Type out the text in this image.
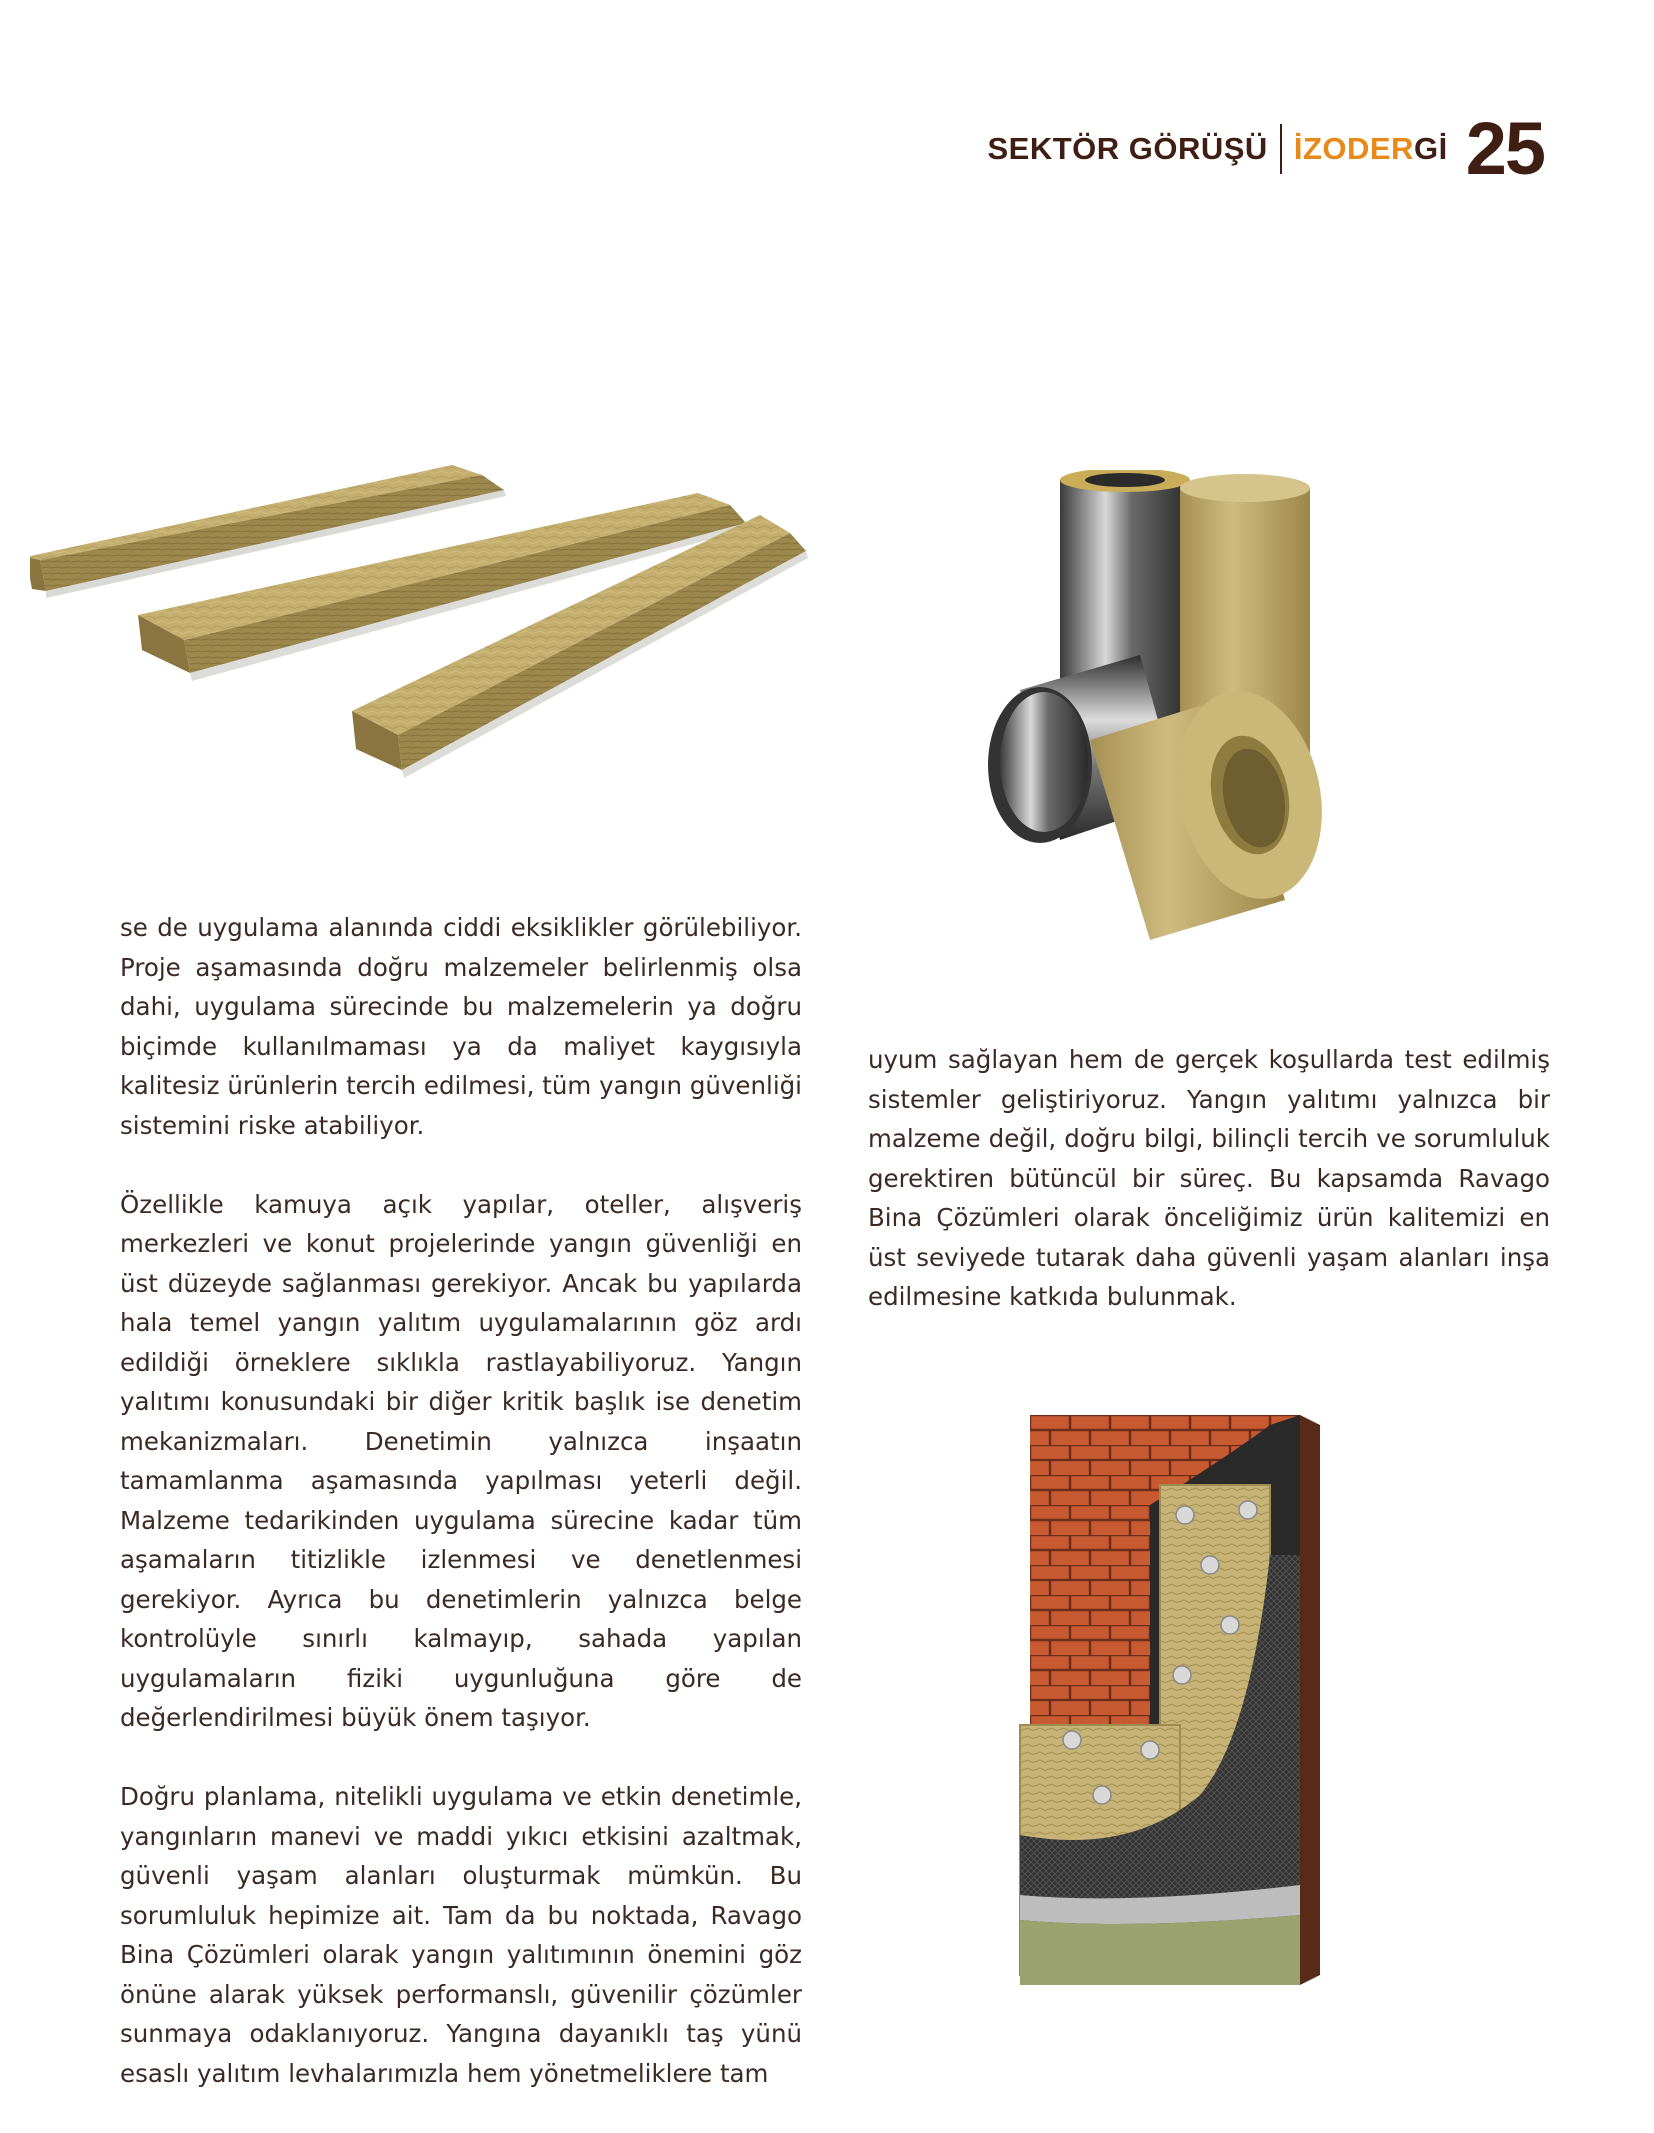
SEKTÖR GÖRÜŞÜ İZODERGİ 25

se de uygulama alanında ciddi eksiklikler görülebiliyor. Proje aşamasında doğru malzemeler belirlenmiş olsa dahi, uygulama sürecinde bu malzemelerin ya doğru biçimde kullanılmaması ya da maliyet kaygısıyla kalitesiz ürünlerin tercih edilmesi, tüm yangın güvenliği sistemini riske atabiliyor.

Özellikle kamuya açık yapılar, oteller, alışveriş merkezleri ve konut projelerinde yangın güvenliği en üst düzeyde sağlanması gerekiyor. Ancak bu yapılarda hala temel yangın yalıtım uygulamalarının göz ardı edildiği örneklere sıklıkla rastlayabiliyoruz. Yangın yalıtımı konusundaki bir diğer kritik başlık ise denetim mekanizmaları. Denetimin yalnızca inşaatın tamamlanma aşamasında yapılması yeterli değil. Malzeme tedarikinden uygulama sürecine kadar tüm aşamaların titizlikle izlenmesi ve denetlenmesi gerekiyor. Ayrıca bu denetimlerin yalnızca belge kontrolüyle sınırlı kalmayıp, sahada yapılan uygulamaların fiziki uygunluğuna göre de değerlendirilmesi büyük önem taşıyor.

Doğru planlama, nitelikli uygulama ve etkin denetimle, yangınların manevi ve maddi yıkıcı etkisini azaltmak, güvenli yaşam alanları oluşturmak mümkün. Bu sorumluluk hepimize ait. Tam da bu noktada, Ravago Bina Çözümleri olarak yangın yalıtımının önemini göz önüne alarak yüksek performanslı, güvenilir çözümler sunmaya odaklanıyoruz. Yangına dayanıklı taş yünü esaslı yalıtım levhalarımızla hem yönetmeliklere tam

uyum sağlayan hem de gerçek koşullarda test edilmiş sistemler geliştiriyoruz. Yangın yalıtımı yalnızca bir malzeme değil, doğru bilgi, bilinçli tercih ve sorumluluk gerektiren bütüncül bir süreç. Bu kapsamda Ravago Bina Çözümleri olarak önceliğimiz ürün kalitemizi en üst seviyede tutarak daha güvenli yaşam alanları inşa edilmesine katkıda bulunmak.
